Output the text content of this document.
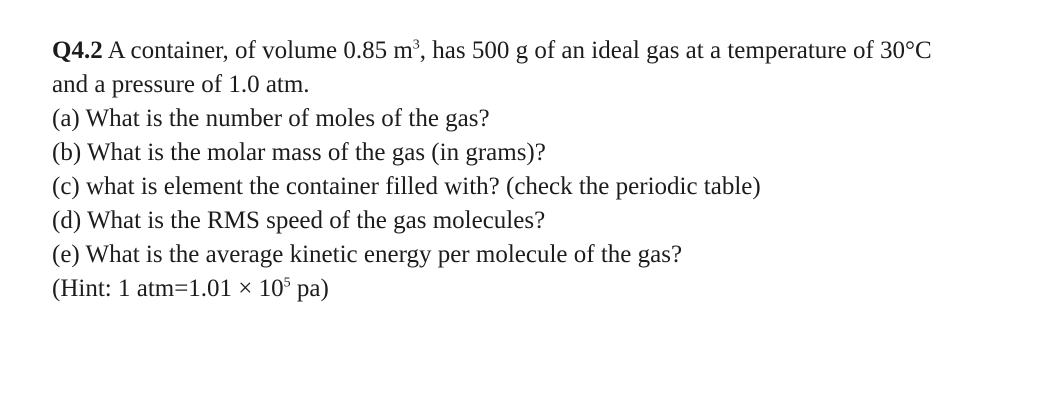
Q4.2 A container, of volume 0.85 $m^3$, has 500 g of an ideal gas at a temperature of 30°C

and a pressure of 1.0 atm.

(a) What is the number of moles of the gas?

(b) What is the molar mass of the gas (in grams)?

(c) what is element the container filled with? (check the periodic table)

(d) What is the RMS speed of the gas molecules?

(e) What is the average kinetic energy per molecule of the gas?

(Hint: 1 $atm=1.01 \times 10^5$ pa)
